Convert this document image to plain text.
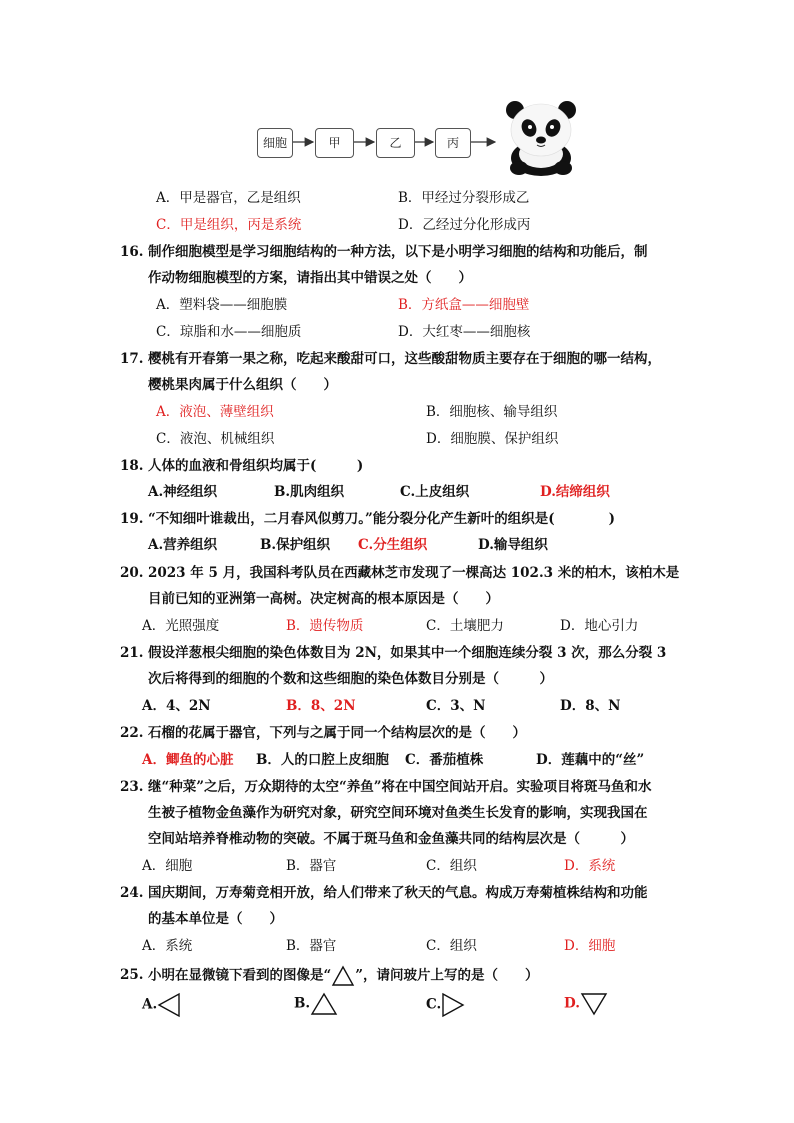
细胞	甲	乙	丙
A．甲是器官，乙是组织	B．甲经过分裂形成乙
C．甲是组织，丙是系统	D．乙经过分化形成丙
16. 制作细胞模型是学习细胞结构的一种方法，以下是小明学习细胞的结构和功能后，制
作动物细胞模型的方案，请指出其中错误之处（　　）
A．塑料袋——细胞膜	B．方纸盒——细胞壁
C．琼脂和水——细胞质	D．大红枣——细胞核
17. 樱桃有开春第一果之称，吃起来酸甜可口，这些酸甜物质主要存在于细胞的哪一结构，
樱桃果肉属于什么组织（　　）
A．液泡、薄壁组织	B．细胞核、输导组织
C．液泡、机械组织	D．细胞膜、保护组织
18. 人体的血液和骨组织均属于(　　　)
A.神经组织	B.肌肉组织	C.上皮组织	D.结缔组织
19. “不知细叶谁裁出，二月春风似剪刀。”能分裂分化产生新叶的组织是(　　　　)
A.营养组织	B.保护组织 C.分生组织	D.输导组织
20. 2023 年 5 月，我国科考队员在西藏林芝市发现了一棵高达 102.3 米的柏木，该柏木是
目前已知的亚洲第一高树。决定树高的根本原因是（　　）
A．光照强度	B．遗传物质	C．土壤肥力	D．地心引力
21. 假设洋葱根尖细胞的染色体数目为 2N，如果其中一个细胞连续分裂 3 次，那么分裂 3
次后将得到的细胞的个数和这些细胞的染色体数目分别是（　　　）
A．4、2N	B．8、2N	C．3、N	D．8、N
22. 石榴的花属于器官，下列与之属于同一个结构层次的是（　　）
A．鲫鱼的心脏 B．人的口腔上皮细胞 C．番茄植株	D．莲藕中的“丝”
23. 继“种菜”之后，万众期待的太空“养鱼”将在中国空间站开启。实验项目将斑马鱼和水
生被子植物金鱼藻作为研究对象，研究空间环境对鱼类生长发育的影响，实现我国在
空间站培养脊椎动物的突破。不属于斑马鱼和金鱼藻共同的结构层次是（　　　）
A．细胞	B．器官	C．组织	D．系统
24. 国庆期间，万寿菊竞相开放，给人们带来了秋天的气息。构成万寿菊植株结构和功能
的基本单位是（　　）
A．系统	B．器官	C．组织	D．细胞
25. 小明在显微镜下看到的图像是“ ”，请问玻片上写的是（　　）
A.	B.	C.	D.
